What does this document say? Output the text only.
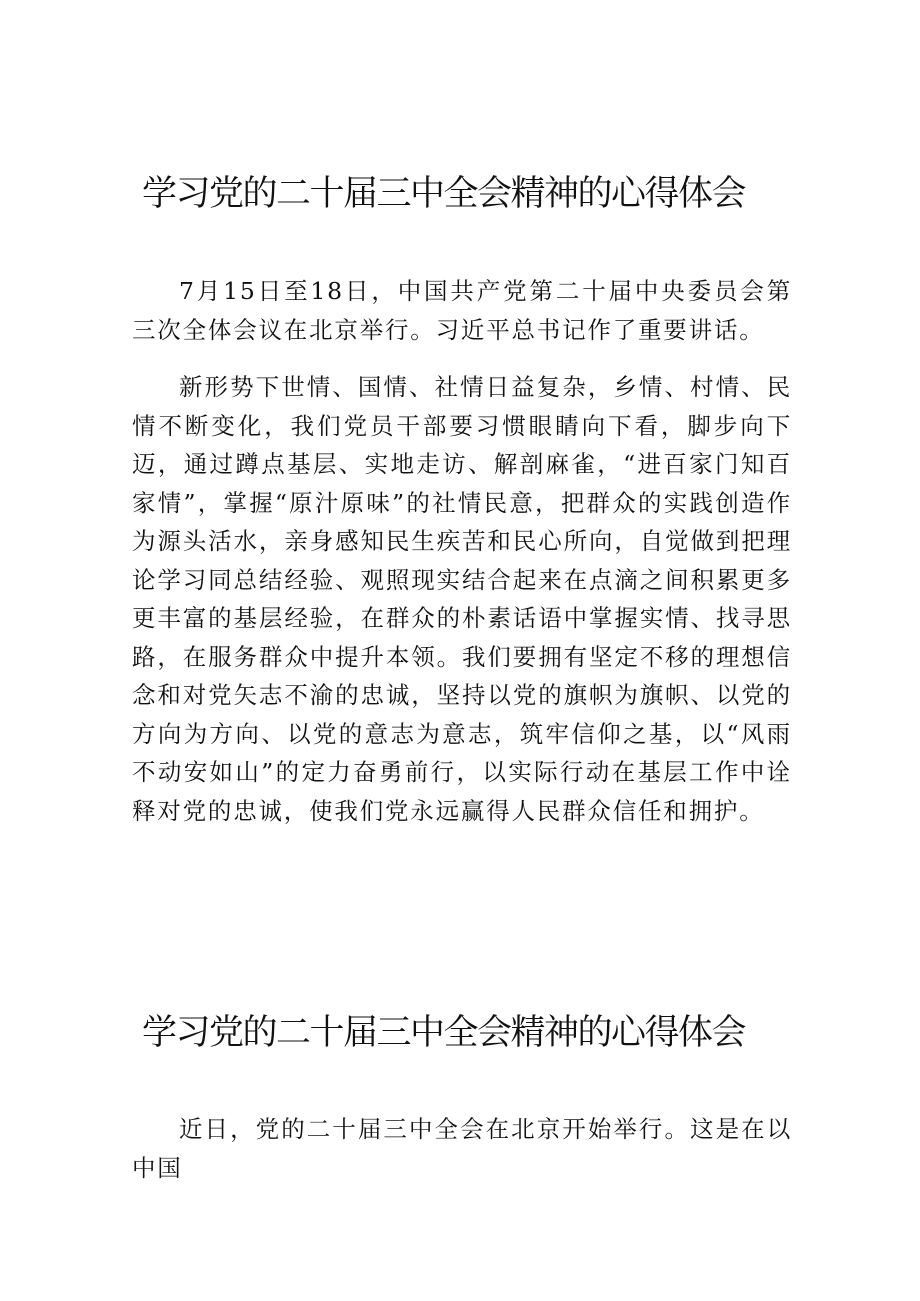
学习党的二十届三中全会精神的心得体会

7月15日至18日，中国共产党第二十届中央委员会第三次全体会议在北京举行。习近平总书记作了重要讲话。

新形势下世情、国情、社情日益复杂，乡情、村情、民情不断变化，我们党员干部要习惯眼睛向下看，脚步向下迈，通过蹲点基层、实地走访、解剖麻雀，“进百家门知百家情”，掌握“原汁原味”的社情民意，把群众的实践创造作为源头活水，亲身感知民生疾苦和民心所向，自觉做到把理论学习同总结经验、观照现实结合起来在点滴之间积累更多更丰富的基层经验，在群众的朴素话语中掌握实情、找寻思路，在服务群众中提升本领。我们要拥有坚定不移的理想信念和对党矢志不渝的忠诚，坚持以党的旗帜为旗帜、以党的方向为方向、以党的意志为意志，筑牢信仰之基，以“风雨不动安如山”的定力奋勇前行，以实际行动在基层工作中诠释对党的忠诚，使我们党永远赢得人民群众信任和拥护。

学习党的二十届三中全会精神的心得体会

近日，党的二十届三中全会在北京开始举行。这是在以中国
